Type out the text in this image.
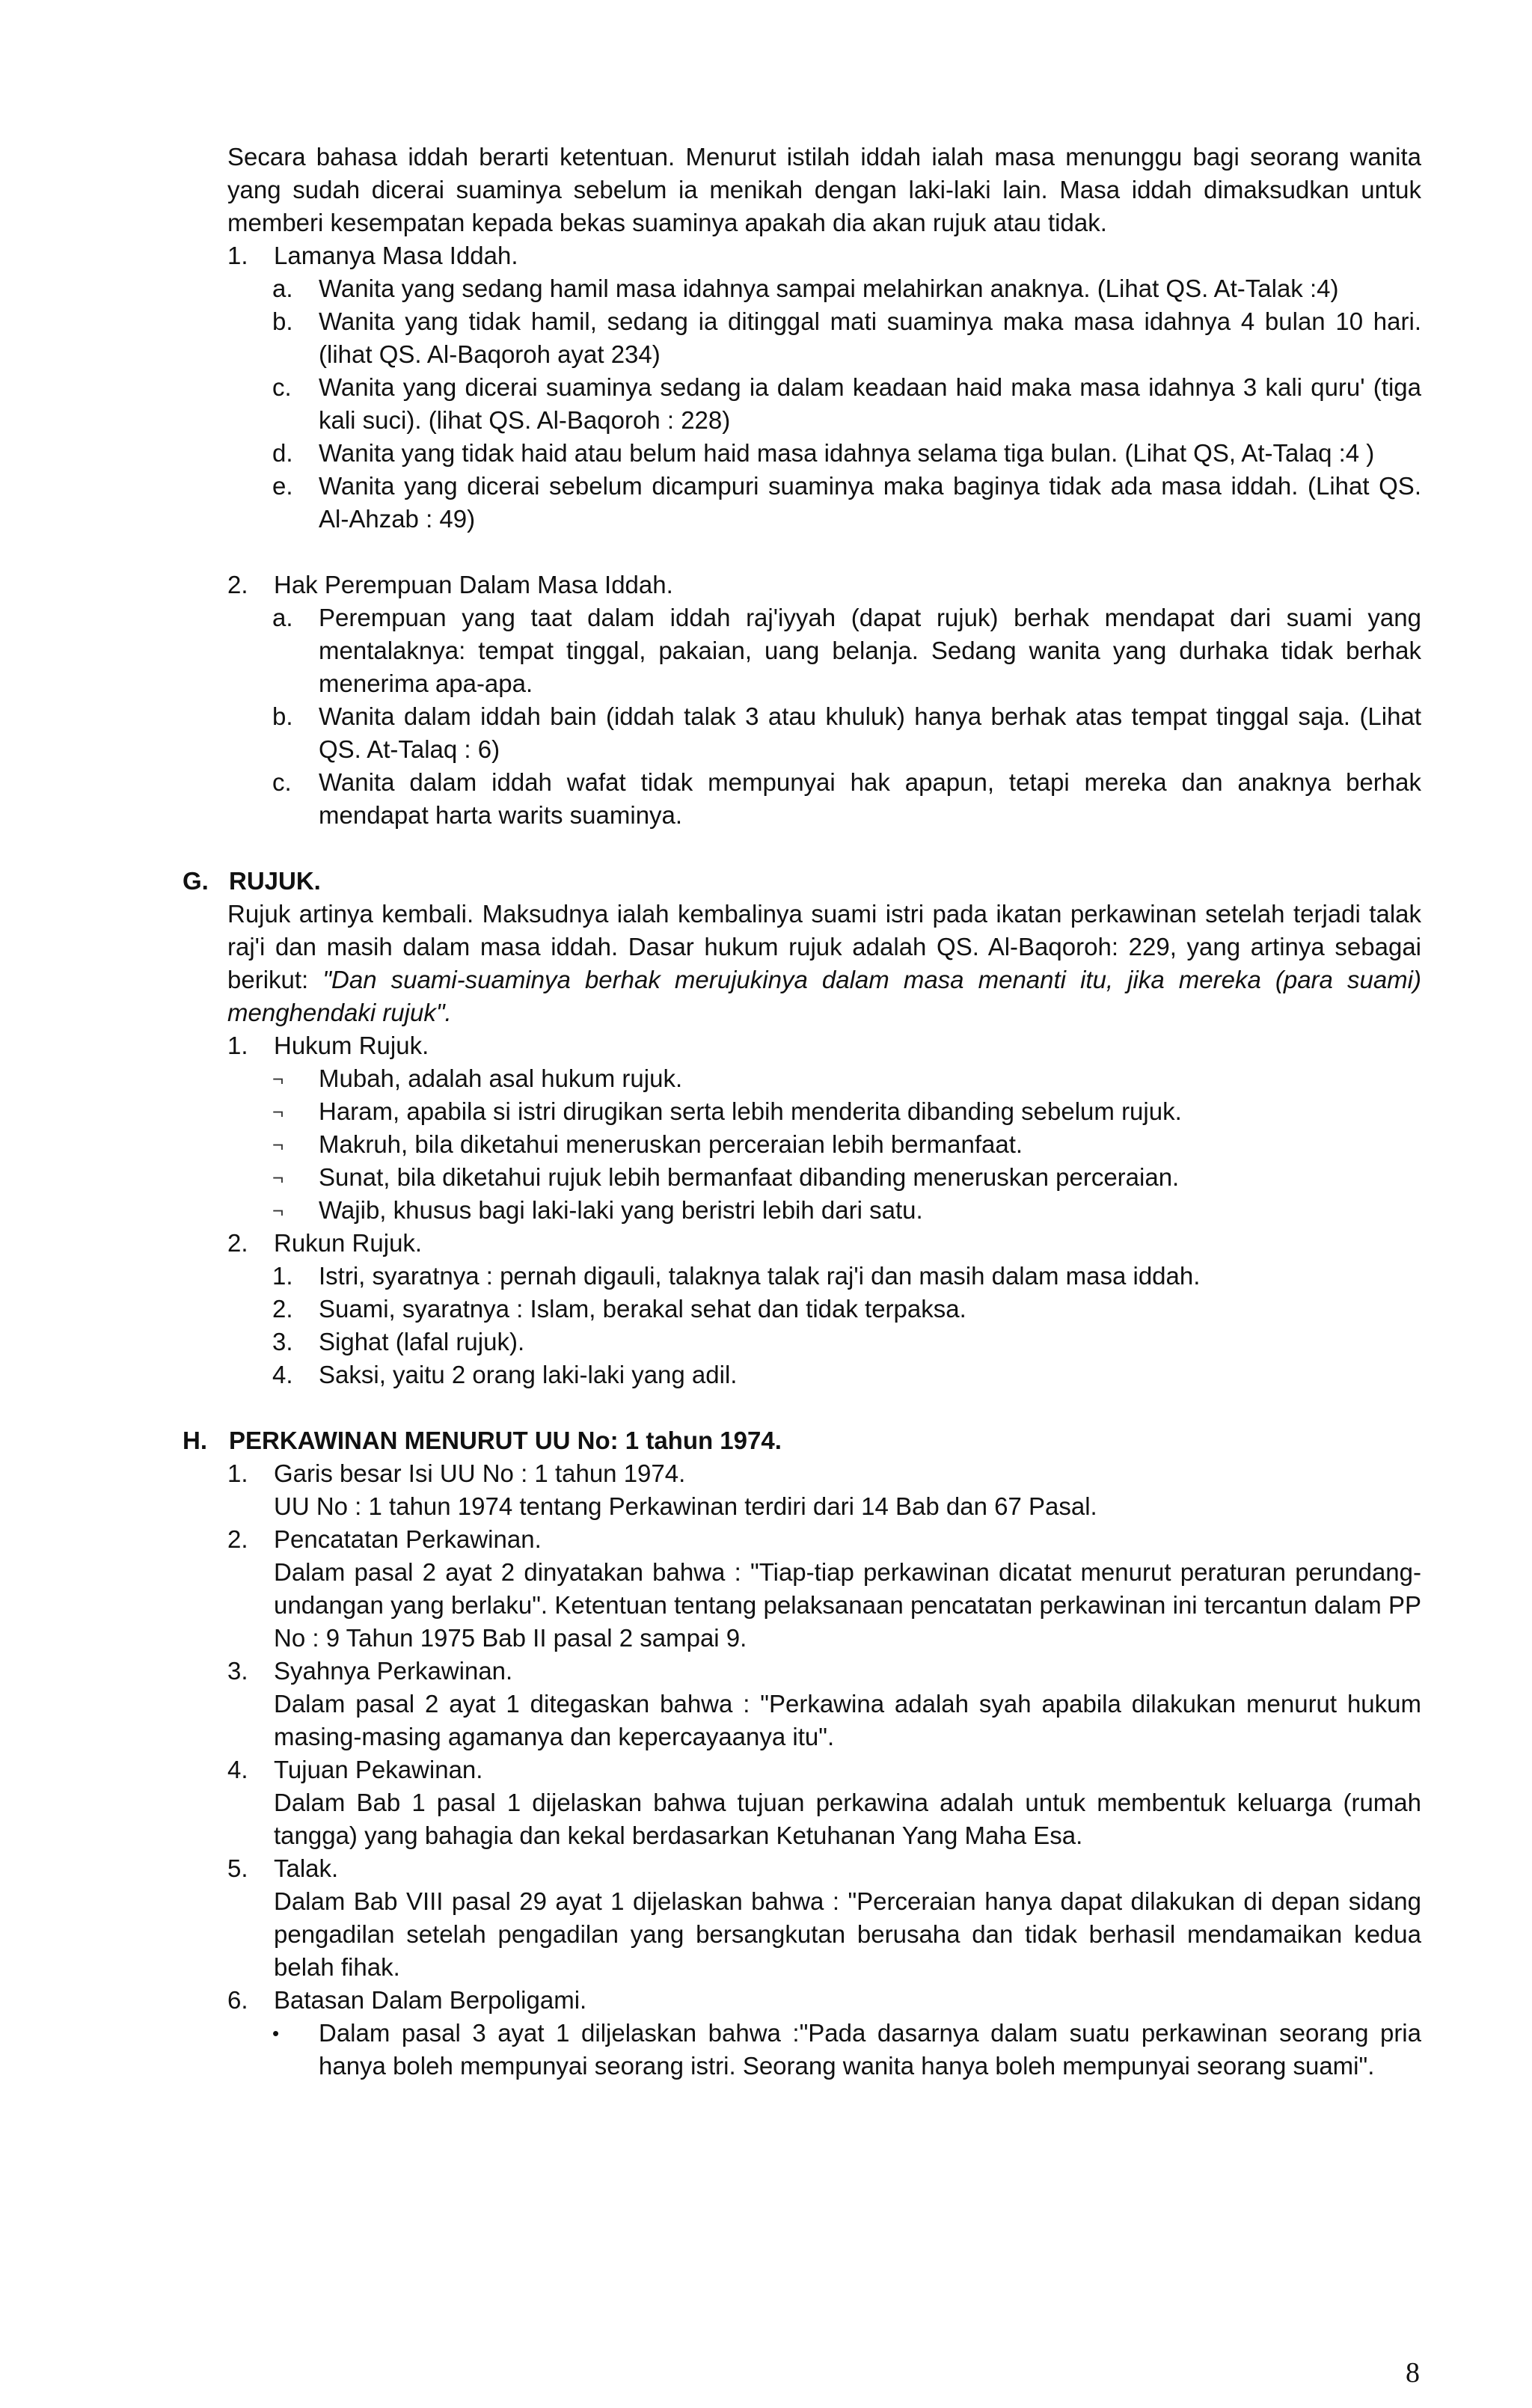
Secara bahasa iddah berarti ketentuan. Menurut istilah iddah ialah masa menunggu bagi seorang wanita yang sudah dicerai suaminya sebelum ia menikah dengan laki-laki lain. Masa iddah dimaksudkan untuk memberi kesempatan kepada bekas suaminya apakah dia akan rujuk atau tidak.

1.	Lamanya Masa Iddah.
a.	Wanita yang sedang hamil masa idahnya sampai melahirkan anaknya. (Lihat QS. At-Talak :4)
b.	Wanita yang tidak hamil, sedang ia ditinggal mati suaminya maka masa idahnya 4 bulan 10 hari. (lihat QS. Al-Baqoroh ayat 234)
c.	Wanita yang dicerai suaminya sedang ia dalam keadaan haid maka masa idahnya 3 kali quru' (tiga kali suci). (lihat QS. Al-Baqoroh : 228)
d.	Wanita yang tidak haid atau belum haid masa idahnya selama tiga bulan. (Lihat QS, At-Talaq :4 )
e.	Wanita yang dicerai sebelum dicampuri suaminya maka baginya tidak ada masa iddah. (Lihat QS. Al-Ahzab : 49)
2.	Hak Perempuan Dalam Masa Iddah.
a.	Perempuan yang taat dalam iddah raj'iyyah (dapat rujuk) berhak mendapat dari suami yang mentalaknya: tempat tinggal, pakaian, uang belanja. Sedang wanita yang durhaka tidak berhak menerima apa-apa.
b.	Wanita dalam iddah bain (iddah talak 3 atau khuluk) hanya berhak atas tempat tinggal saja. (Lihat QS. At-Talaq : 6)
c.	Wanita dalam iddah wafat tidak mempunyai hak apapun, tetapi mereka dan anaknya berhak mendapat harta warits suaminya.
G. RUJUK.

Rujuk artinya kembali. Maksudnya ialah kembalinya suami istri pada ikatan perkawinan setelah terjadi talak raj'i dan masih dalam masa iddah. Dasar hukum rujuk adalah QS. Al-Baqoroh: 229, yang artinya sebagai berikut: "Dan suami-suaminya berhak merujukinya dalam masa menanti itu, jika mereka (para suami) menghendaki rujuk".

1.	Hukum Rujuk.
¬	Mubah, adalah asal hukum rujuk.
¬	Haram, apabila si istri dirugikan serta lebih menderita dibanding sebelum rujuk.
¬	Makruh, bila diketahui meneruskan perceraian lebih bermanfaat.
¬	Sunat, bila diketahui rujuk lebih bermanfaat dibanding meneruskan perceraian.
¬	Wajib, khusus bagi laki-laki yang beristri lebih dari satu.
2.	Rukun Rujuk.
1.	Istri, syaratnya : pernah digauli, talaknya talak raj'i dan masih dalam masa iddah.
2.	Suami, syaratnya : Islam, berakal sehat dan tidak terpaksa.
3.	Sighat (lafal rujuk).
4.	Saksi, yaitu 2 orang laki-laki yang adil.
H. PERKAWINAN MENURUT UU No: 1 tahun 1974.
1.	Garis besar Isi UU No : 1 tahun 1974.
UU No : 1 tahun 1974 tentang Perkawinan terdiri dari 14 Bab dan 67 Pasal.
2.	Pencatatan Perkawinan.
Dalam pasal 2 ayat 2 dinyatakan bahwa : "Tiap-tiap perkawinan dicatat menurut peraturan perundang-undangan yang berlaku". Ketentuan tentang pelaksanaan pencatatan perkawinan ini tercantun dalam PP No : 9 Tahun 1975 Bab II pasal 2 sampai 9.
3.	Syahnya Perkawinan.
Dalam pasal 2 ayat 1 ditegaskan bahwa : "Perkawina adalah syah apabila dilakukan menurut hukum masing-masing agamanya dan kepercayaanya itu".
4.	Tujuan Pekawinan.
Dalam Bab 1 pasal 1 dijelaskan bahwa tujuan perkawina adalah untuk membentuk keluarga (rumah tangga) yang bahagia dan kekal berdasarkan Ketuhanan Yang Maha Esa.
5.	Talak.
Dalam Bab VIII pasal 29 ayat 1 dijelaskan bahwa : "Perceraian hanya dapat dilakukan di depan sidang pengadilan setelah pengadilan yang bersangkutan berusaha dan tidak berhasil mendamaikan kedua belah fihak.
6.	Batasan Dalam Berpoligami.
•	Dalam pasal 3 ayat 1 diljelaskan bahwa :"Pada dasarnya dalam suatu perkawinan seorang pria hanya boleh mempunyai seorang istri. Seorang wanita hanya boleh mempunyai seorang suami".
8
